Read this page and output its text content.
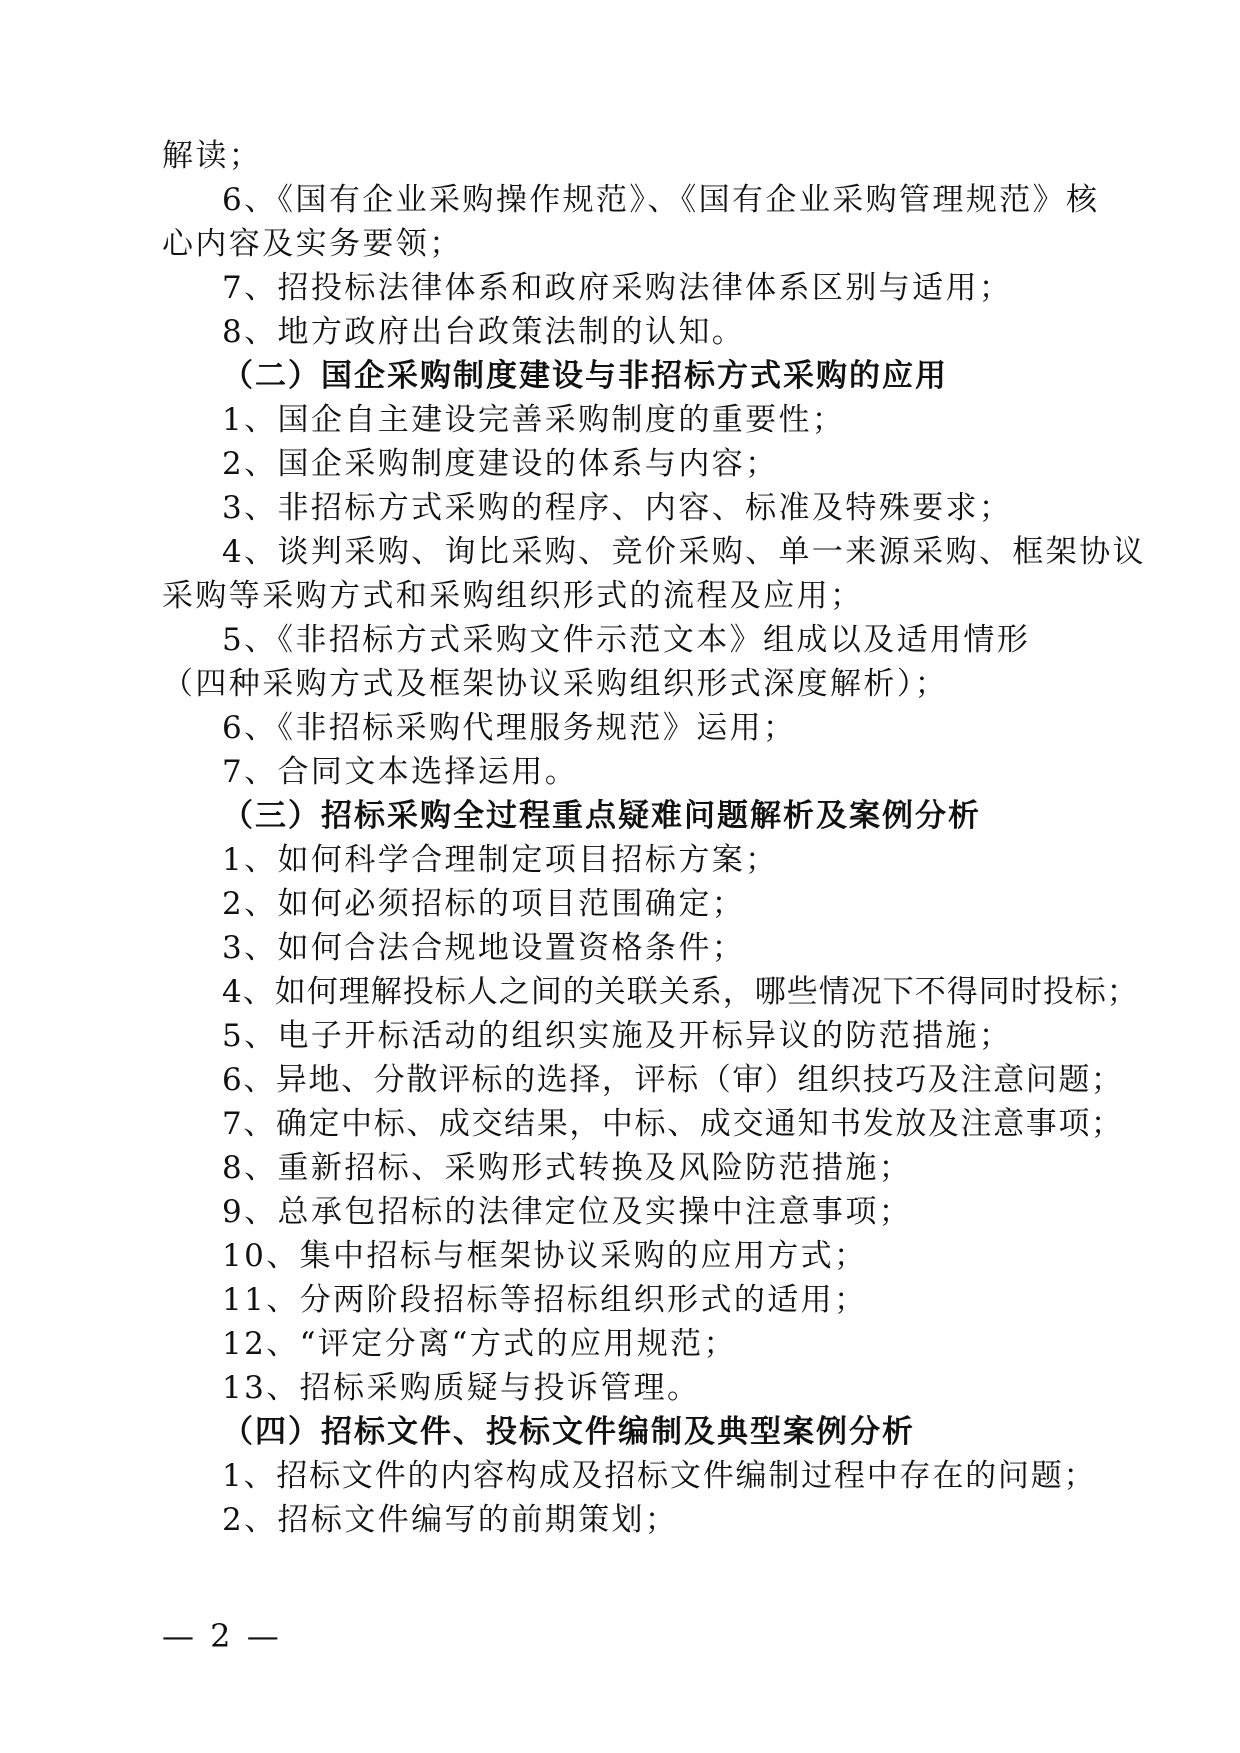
解读；
6、《国有企业采购操作规范》、《国有企业采购管理规范》核
心内容及实务要领；
7、招投标法律体系和政府采购法律体系区别与适用；
8、地方政府出台政策法制的认知。
（二）国企采购制度建设与非招标方式采购的应用
1、国企自主建设完善采购制度的重要性；
2、国企采购制度建设的体系与内容；
3、非招标方式采购的程序、内容、标准及特殊要求；
4、谈判采购、询比采购、竞价采购、单一来源采购、框架协议
采购等采购方式和采购组织形式的流程及应用；
5、《非招标方式采购文件示范文本》组成以及适用情形
（四种采购方式及框架协议采购组织形式深度解析）；
6、《非招标采购代理服务规范》运用；
7、合同文本选择运用。
（三）招标采购全过程重点疑难问题解析及案例分析
1、如何科学合理制定项目招标方案；
2、如何必须招标的项目范围确定；
3、如何合法合规地设置资格条件；
4、如何理解投标人之间的关联关系，哪些情况下不得同时投标；
5、电子开标活动的组织实施及开标异议的防范措施；
6、异地、分散评标的选择，评标（审）组织技巧及注意问题；
7、确定中标、成交结果，中标、成交通知书发放及注意事项；
8、重新招标、采购形式转换及风险防范措施；
9、总承包招标的法律定位及实操中注意事项；
10、集中招标与框架协议采购的应用方式；
11、分两阶段招标等招标组织形式的适用；
12、“评定分离“方式的应用规范；
13、招标采购质疑与投诉管理。
（四）招标文件、投标文件编制及典型案例分析
1、招标文件的内容构成及招标文件编制过程中存在的问题；
2、招标文件编写的前期策划；
— 2 —
